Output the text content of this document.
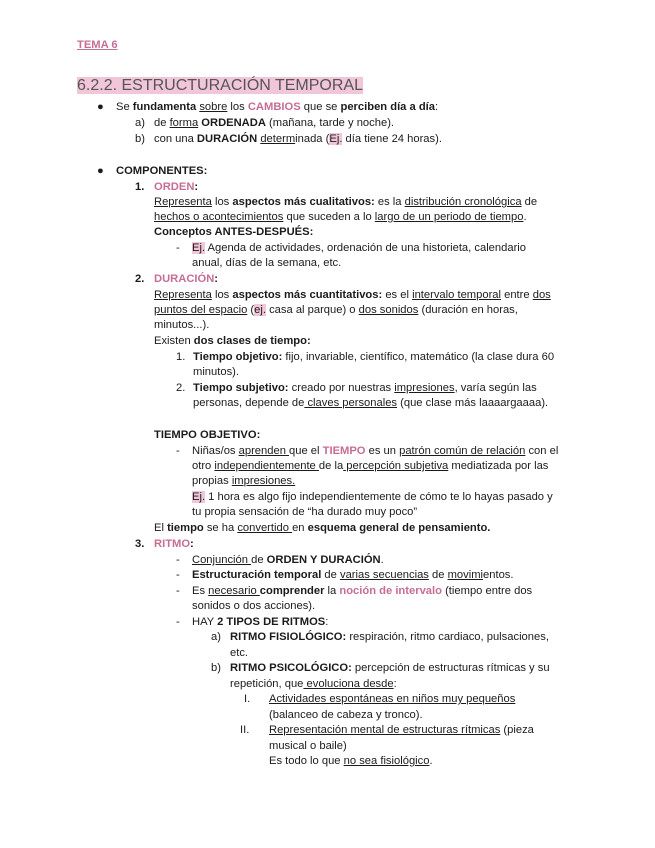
TEMA 6
6.2.2. ESTRUCTURACIÓN TEMPORAL
● Se fundamenta sobre los CAMBIOS que se perciben día a día:
a) de forma ORDENADA (mañana, tarde y noche).
b) con una DURACIÓN determinada (Ej. día tiene 24 horas).
● COMPONENTES:
1. ORDEN:
Representa los aspectos más cualitativos: es la distribución cronológica de
hechos o acontecimientos que suceden a lo largo de un periodo de tiempo.
Conceptos ANTES-DESPUÉS:
- Ej. Agenda de actividades, ordenación de una historieta, calendario
anual, días de la semana, etc.
2. DURACIÓN:
Representa los aspectos más cuantitativos: es el intervalo temporal entre dos
puntos del espacio (ej. casa al parque) o dos sonidos (duración en horas,
minutos...).
Existen dos clases de tiempo:
1. Tiempo objetivo: fijo, invariable, científico, matemático (la clase dura 60
minutos).
2. Tiempo subjetivo: creado por nuestras impresiones, varía según las
personas, depende de claves personales (que clase más laaaargaaaa).
TIEMPO OBJETIVO:
- Niñas/os aprenden que el TIEMPO es un patrón común de relación con el
otro independientemente de la percepción subjetiva mediatizada por las
propias impresiones.
Ej. 1 hora es algo fijo independientemente de cómo te lo hayas pasado y
tu propia sensación de “ha durado muy poco”
El tiempo se ha convertido en esquema general de pensamiento.
3. RITMO:
- Conjunción de ORDEN Y DURACIÓN.
- Estructuración temporal de varias secuencias de movimientos.
- Es necesario comprender la noción de intervalo (tiempo entre dos
sonidos o dos acciones).
- HAY 2 TIPOS DE RITMOS:
a) RITMO FISIOLÓGICO: respiración, ritmo cardiaco, pulsaciones,
etc.
b) RITMO PSICOLÓGICO: percepción de estructuras rítmicas y su
repetición, que evoluciona desde:
I. Actividades espontáneas en niños muy pequeños
(balanceo de cabeza y tronco).
II. Representación mental de estructuras rítmicas (pieza
musical o baile)
Es todo lo que no sea fisiológico.
